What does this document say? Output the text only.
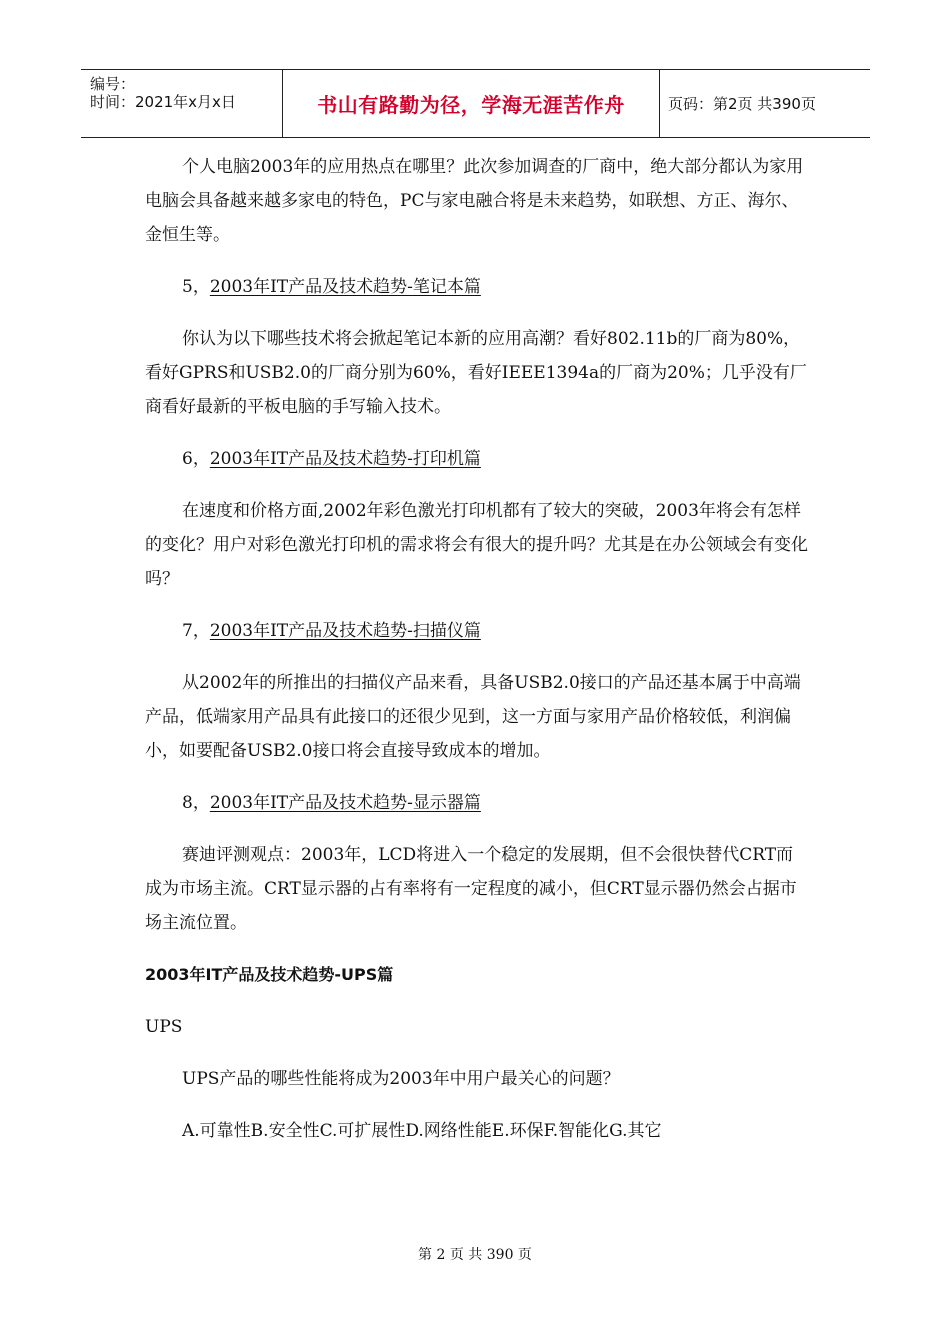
编号：
时间：2021年x月x日	书山有路勤为径，学海无涯苦作舟	页码：第2页 共390页

个人电脑2003年的应用热点在哪里？此次参加调查的厂商中，绝大部分都认为家用电脑会具备越来越多家电的特色，PC与家电融合将是未来趋势，如联想、方正、海尔、金恒生等。

5，2003年IT产品及技术趋势-笔记本篇

你认为以下哪些技术将会掀起笔记本新的应用高潮？看好802.11b的厂商为80%，看好GPRS和USB2.0的厂商分别为60%，看好IEEE1394a的厂商为20%；几乎没有厂商看好最新的平板电脑的手写输入技术。

6，2003年IT产品及技术趋势-打印机篇

在速度和价格方面,2002年彩色激光打印机都有了较大的突破，2003年将会有怎样的变化？用户对彩色激光打印机的需求将会有很大的提升吗？尤其是在办公领域会有变化吗？

7，2003年IT产品及技术趋势-扫描仪篇

从2002年的所推出的扫描仪产品来看，具备USB2.0接口的产品还基本属于中高端产品，低端家用产品具有此接口的还很少见到，这一方面与家用产品价格较低，利润偏小，如要配备USB2.0接口将会直接导致成本的增加。

8，2003年IT产品及技术趋势-显示器篇

赛迪评测观点：2003年，LCD将进入一个稳定的发展期，但不会很快替代CRT而成为市场主流。CRT显示器的占有率将有一定程度的减小，但CRT显示器仍然会占据市场主流位置。

2003年IT产品及技术趋势-UPS篇

UPS

UPS产品的哪些性能将成为2003年中用户最关心的问题？

A.可靠性B.安全性C.可扩展性D.网络性能E.环保F.智能化G.其它

第 2 页 共 390 页
